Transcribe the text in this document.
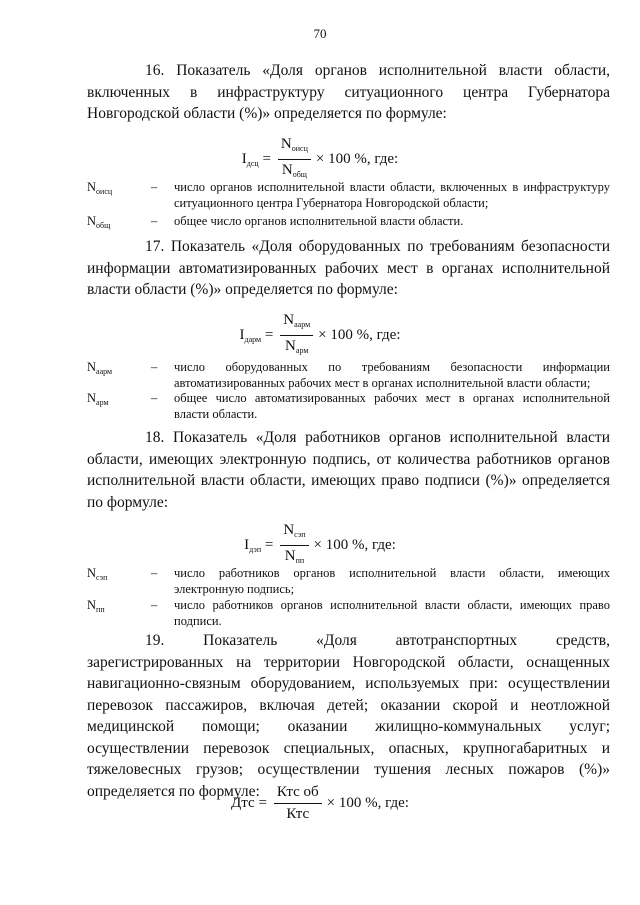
70
16. Показатель «Доля органов исполнительной власти области, включенных в инфраструктуру ситуационного центра Губернатора Новгородской области (%)» определяется по формуле:
$I_{дсц} = \frac{N_{оисц}}{N_{общ}} \times 100$ %, где:
$N_{оисц}$	– число органов исполнительной власти области, включенных в инфраструктуру ситуационного центра Губернатора Новгородской области;
$N_{общ}$	– общее число органов исполнительной власти области.
17. Показатель «Доля оборудованных по требованиям безопасности информации автоматизированных рабочих мест в органах исполнительной власти области (%)» определяется по формуле:
$I_{дарм} = \frac{N_{аарм}}{N_{арм}} \times 100$ %, где:
$N_{аарм}$	– число оборудованных по требованиям безопасности информации автоматизированных рабочих мест в органах исполнительной власти области;
$N_{арм}$	– общее число автоматизированных рабочих мест в органах исполнительной власти области.
18. Показатель «Доля работников органов исполнительной власти области, имеющих электронную подпись, от количества работников органов исполнительной власти области, имеющих право подписи (%)» определяется по формуле:
$I_{дэп} = \frac{N_{сэп}}{N_{пп}} \times 100$ %, где:
$N_{сэп}$	– число работников органов исполнительной власти области, имеющих электронную подпись;
$N_{пп}$	– число работников органов исполнительной власти области, имеющих право подписи.
19. Показатель «Доля автотранспортных средств, зарегистрированных на территории Новгородской области, оснащенных навигационно-связным оборудованием, используемых при: осуществлении перевозок пассажиров, включая детей; оказании скорой и неотложной медицинской помощи; оказании жилищно-коммунальных услуг; осуществлении перевозок специальных, опасных, крупногабаритных и тяжеловесных грузов; осуществлении тушения лесных пожаров (%)» определяется по формуле:
Дтс = $\frac{\text{Ктс об}}{\text{Ктс}} \times 100$ %, где:
